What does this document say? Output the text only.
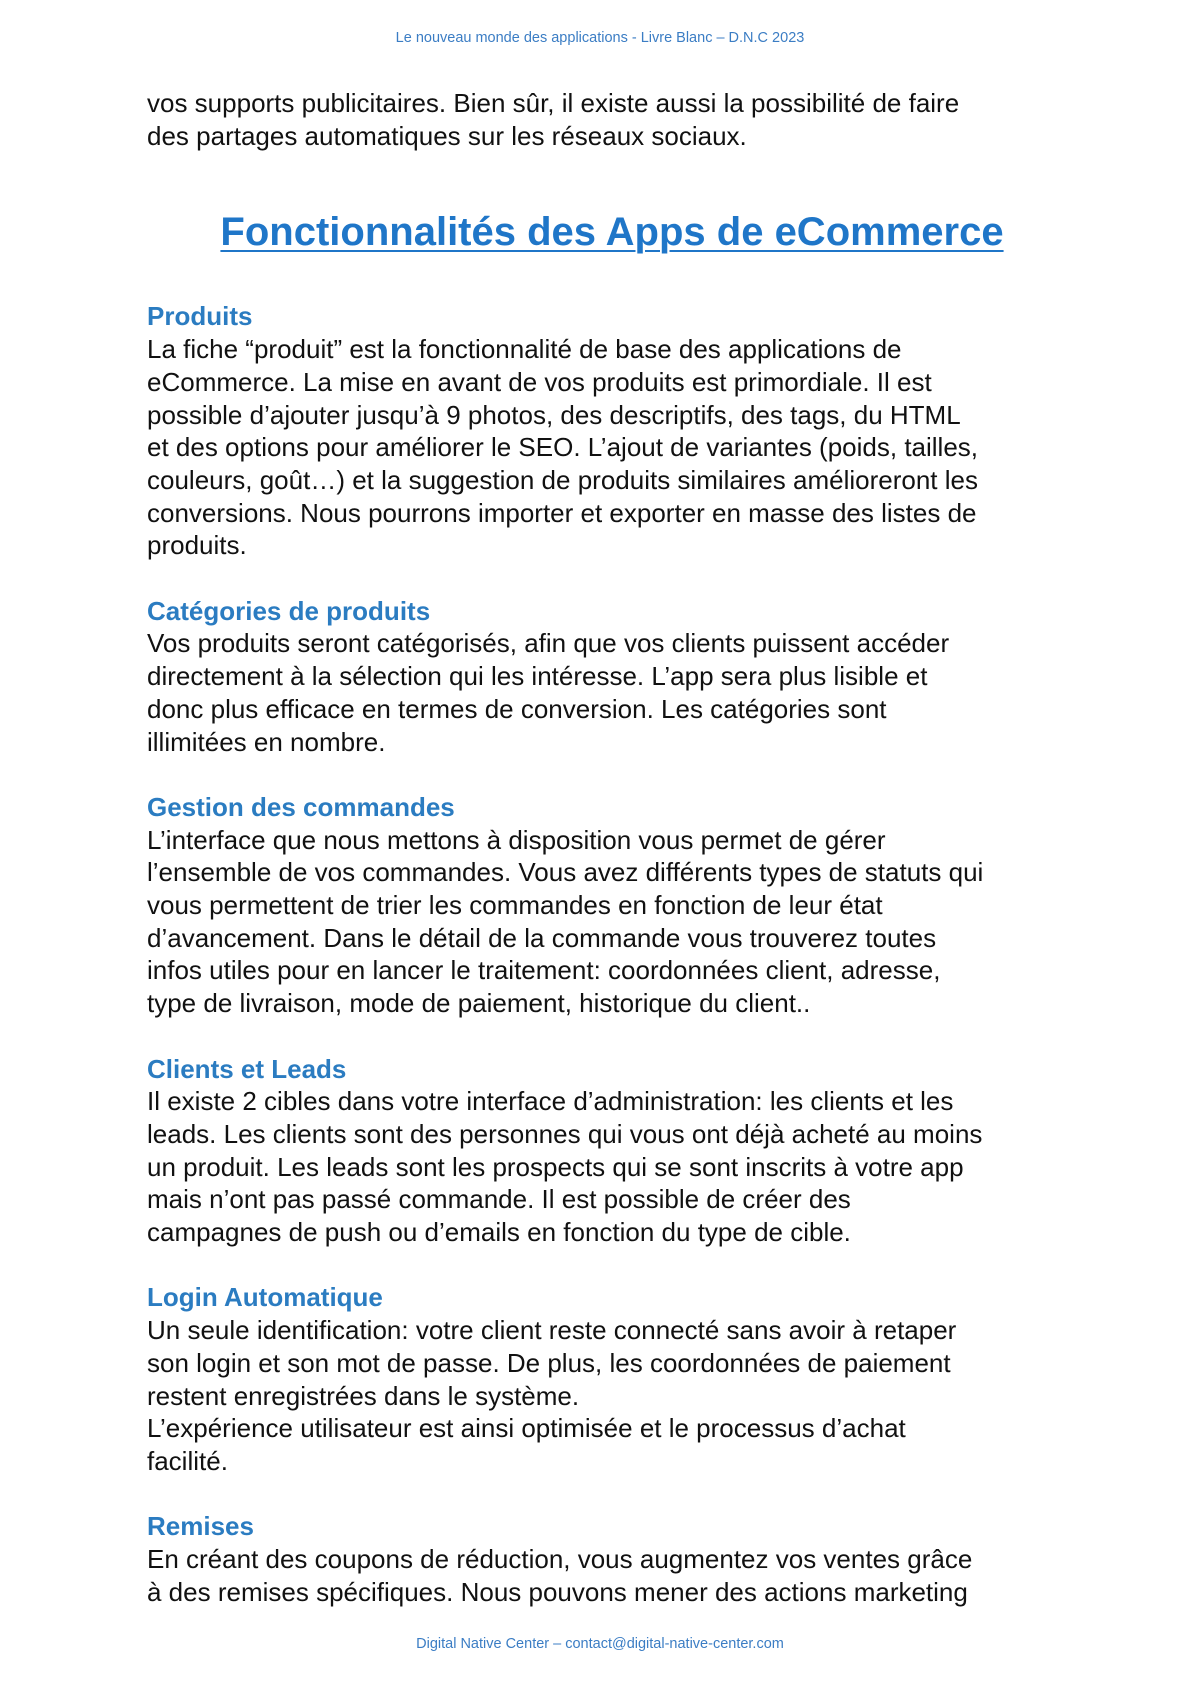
Le nouveau monde des applications - Livre Blanc – D.N.C 2023

vos supports publicitaires. Bien sûr, il existe aussi la possibilité de faire

des partages automatiques sur les réseaux sociaux.

Fonctionnalités des Apps de eCommerce
Produits

La fiche “produit” est la fonctionnalité de base des applications de

eCommerce. La mise en avant de vos produits est primordiale. Il est

possible d’ajouter jusqu’à 9 photos, des descriptifs, des tags, du HTML

et des options pour améliorer le SEO. L’ajout de variantes (poids, tailles,

couleurs, goût…) et la suggestion de produits similaires amélioreront les

conversions. Nous pourrons importer et exporter en masse des listes de

produits.

Catégories de produits

Vos produits seront catégorisés, afin que vos clients puissent accéder

directement à la sélection qui les intéresse. L’app sera plus lisible et

donc plus efficace en termes de conversion. Les catégories sont

illimitées en nombre.

Gestion des commandes

L’interface que nous mettons à disposition vous permet de gérer

l’ensemble de vos commandes. Vous avez différents types de statuts qui

vous permettent de trier les commandes en fonction de leur état

d’avancement. Dans le détail de la commande vous trouverez toutes

infos utiles pour en lancer le traitement: coordonnées client, adresse,

type de livraison, mode de paiement, historique du client..

Clients et Leads

Il existe 2 cibles dans votre interface d’administration: les clients et les

leads. Les clients sont des personnes qui vous ont déjà acheté au moins

un produit. Les leads sont les prospects qui se sont inscrits à votre app

mais n’ont pas passé commande. Il est possible de créer des

campagnes de push ou d’emails en fonction du type de cible.

Login Automatique

Un seule identification: votre client reste connecté sans avoir à retaper

son login et son mot de passe. De plus, les coordonnées de paiement

restent enregistrées dans le système.

L’expérience utilisateur est ainsi optimisée et le processus d’achat

facilité.

Remises

En créant des coupons de réduction, vous augmentez vos ventes grâce

à des remises spécifiques. Nous pouvons mener des actions marketing

Digital Native Center – contact@digital-native-center.com
